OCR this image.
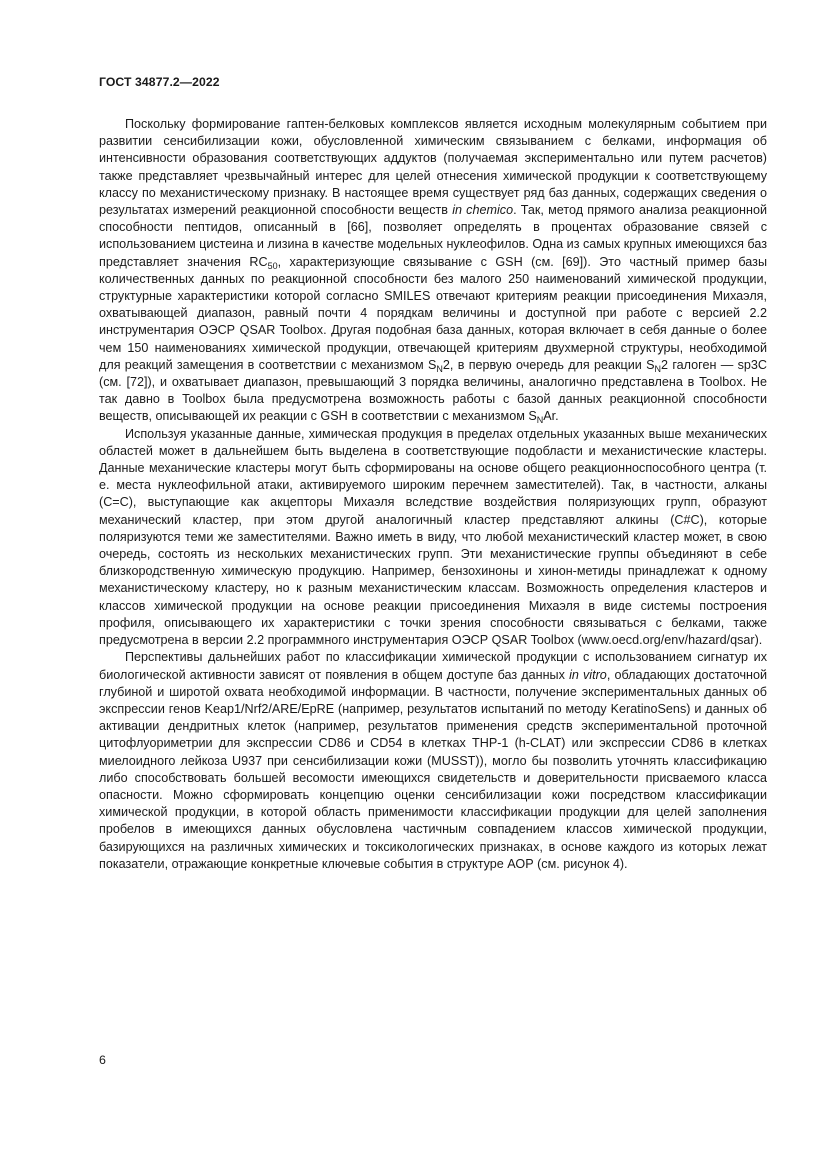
ГОСТ 34877.2—2022

Поскольку формирование гаптен-белковых комплексов является исходным молекулярным событием при развитии сенсибилизации кожи, обусловленной химическим связыванием с белками, информация об интенсивности образования соответствующих аддуктов (получаемая экспериментально или путем расчетов) также представляет чрезвычайный интерес для целей отнесения химической продукции к соответствующему классу по механистическому признаку. В настоящее время существует ряд баз данных, содержащих сведения о результатах измерений реакционной способности веществ in chemico. Так, метод прямого анализа реакционной способности пептидов, описанный в [66], позволяет определять в процентах образование связей с использованием цистеина и лизина в качестве модельных нуклеофилов. Одна из самых крупных имеющихся баз представляет значения $RC_{50}$, характеризующие связывание с GSH (см. [69]). Это частный пример базы количественных данных по реакционной способности без малого 250 наименований химической продукции, структурные характеристики которой согласно SMILES отвечают критериям реакции присоединения Михаэля, охватывающей диапазон, равный почти 4 порядкам величины и доступной при работе с версией 2.2 инструментария ОЭСР QSAR Toolbox. Другая подобная база данных, которая включает в себя данные о более чем 150 наименованиях химической продукции, отвечающей критериям двухмерной структуры, необходимой для реакций замещения в соответствии с механизмом $S_N2$, в первую очередь для реакции $S_N2$ галоген — sp3C (см. [72]), и охватывает диапазон, превышающий 3 порядка величины, аналогично представлена в Toolbox. Не так давно в Toolbox была предусмотрена возможность работы с базой данных реакционной способности веществ, описывающей их реакции с GSH в соответствии с механизмом $S_NAr$.

Используя указанные данные, химическая продукция в пределах отдельных указанных выше механических областей может в дальнейшем быть выделена в соответствующие подобласти и механистические кластеры. Данные механические кластеры могут быть сформированы на основе общего реакционноспособного центра (т. е. места нуклеофильной атаки, активируемого широким перечнем заместителей). Так, в частности, алканы (С=С), выступающие как акцепторы Михаэля вследствие воздействия поляризующих групп, образуют механический кластер, при этом другой аналогичный кластер представляют алкины (С#С), которые поляризуются теми же заместителями. Важно иметь в виду, что любой механистический кластер может, в свою очередь, состоять из нескольких механистических групп. Эти механистические группы объединяют в себе близкородственную химическую продукцию. Например, бензохиноны и хинон-метиды принадлежат к одному механистическому кластеру, но к разным механистическим классам. Возможность определения кластеров и классов химической продукции на основе реакции присоединения Михаэля в виде системы построения профиля, описывающего их характеристики с точки зрения способности связываться с белками, также предусмотрена в версии 2.2 программного инструментария ОЭСР QSAR Toolbox (www.oecd.org/env/hazard/qsar).

Перспективы дальнейших работ по классификации химической продукции с использованием сигнатур их биологической активности зависят от появления в общем доступе баз данных in vitro, обладающих достаточной глубиной и широтой охвата необходимой информации. В частности, получение экспериментальных данных об экспрессии генов Keap1/Nrf2/ARE/EpRE (например, результатов испытаний по методу KeratinoSens) и данных об активации дендритных клеток (например, результатов применения средств экспериментальной проточной цитофлуориметрии для экспрессии CD86 и CD54 в клетках THP-1 (h-CLAT) или экспрессии CD86 в клетках миелоидного лейкоза U937 при сенсибилизации кожи (MUSST)), могло бы позволить уточнять классификацию либо способствовать большей весомости имеющихся свидетельств и доверительности присваемого класса опасности. Можно сформировать концепцию оценки сенсибилизации кожи посредством классификации химической продукции, в которой область применимости классификации продукции для целей заполнения пробелов в имеющихся данных обусловлена частичным совпадением классов химической продукции, базирующихся на различных химических и токсикологических признаках, в основе каждого из которых лежат показатели, отражающие конкретные ключевые события в структуре АОР (см. рисунок 4).

6
